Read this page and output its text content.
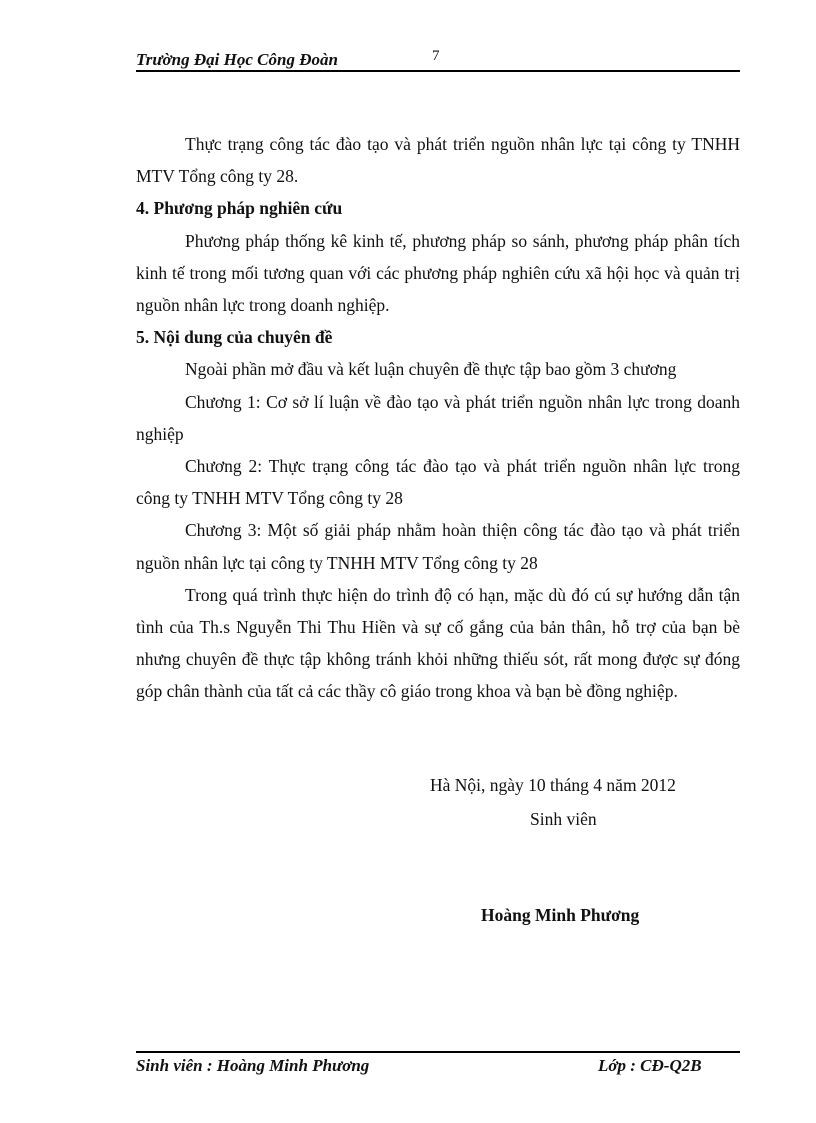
Trường Đại Học Công Đoàn	7

Thực trạng công tác đào tạo và phát triển nguồn nhân lực tại công ty TNHH MTV Tổng công ty 28.

4. Phương pháp nghiên cứu

Phương pháp thống kê kinh tế, phương pháp so sánh, phương pháp phân tích kinh tế trong mối tương quan với các phương pháp nghiên cứu xã hội học và quản trị nguồn nhân lực trong doanh nghiệp.

5. Nội dung của chuyên đề

Ngoài phần mở đầu và kết luận chuyên đề thực tập bao gồm 3 chương

Chương 1: Cơ sở lí luận về đào tạo và phát triển nguồn nhân lực trong doanh nghiệp

Chương 2: Thực trạng công tác đào tạo và phát triển nguồn nhân lực trong công ty TNHH MTV Tổng công ty 28

Chương 3: Một số giải pháp nhằm hoàn thiện công tác đào tạo và phát triển nguồn nhân lực tại công ty TNHH MTV Tổng công ty 28

Trong quá trình thực hiện do trình độ có hạn, mặc dù đó cú sự hướng dẫn tận tình của Th.s Nguyễn Thi Thu Hiền và sự cố gắng của bản thân, hỗ trợ của bạn bè nhưng chuyên đề thực tập không tránh khỏi những thiếu sót, rất mong được sự đóng góp chân thành của tất cả các thầy cô giáo trong khoa và bạn bè đồng nghiệp.

Hà Nội, ngày 10 tháng 4 năm 2012
Sinh viên
Hoàng Minh Phương
Sinh viên : Hoàng Minh Phương	Lớp : CĐ-Q2B
